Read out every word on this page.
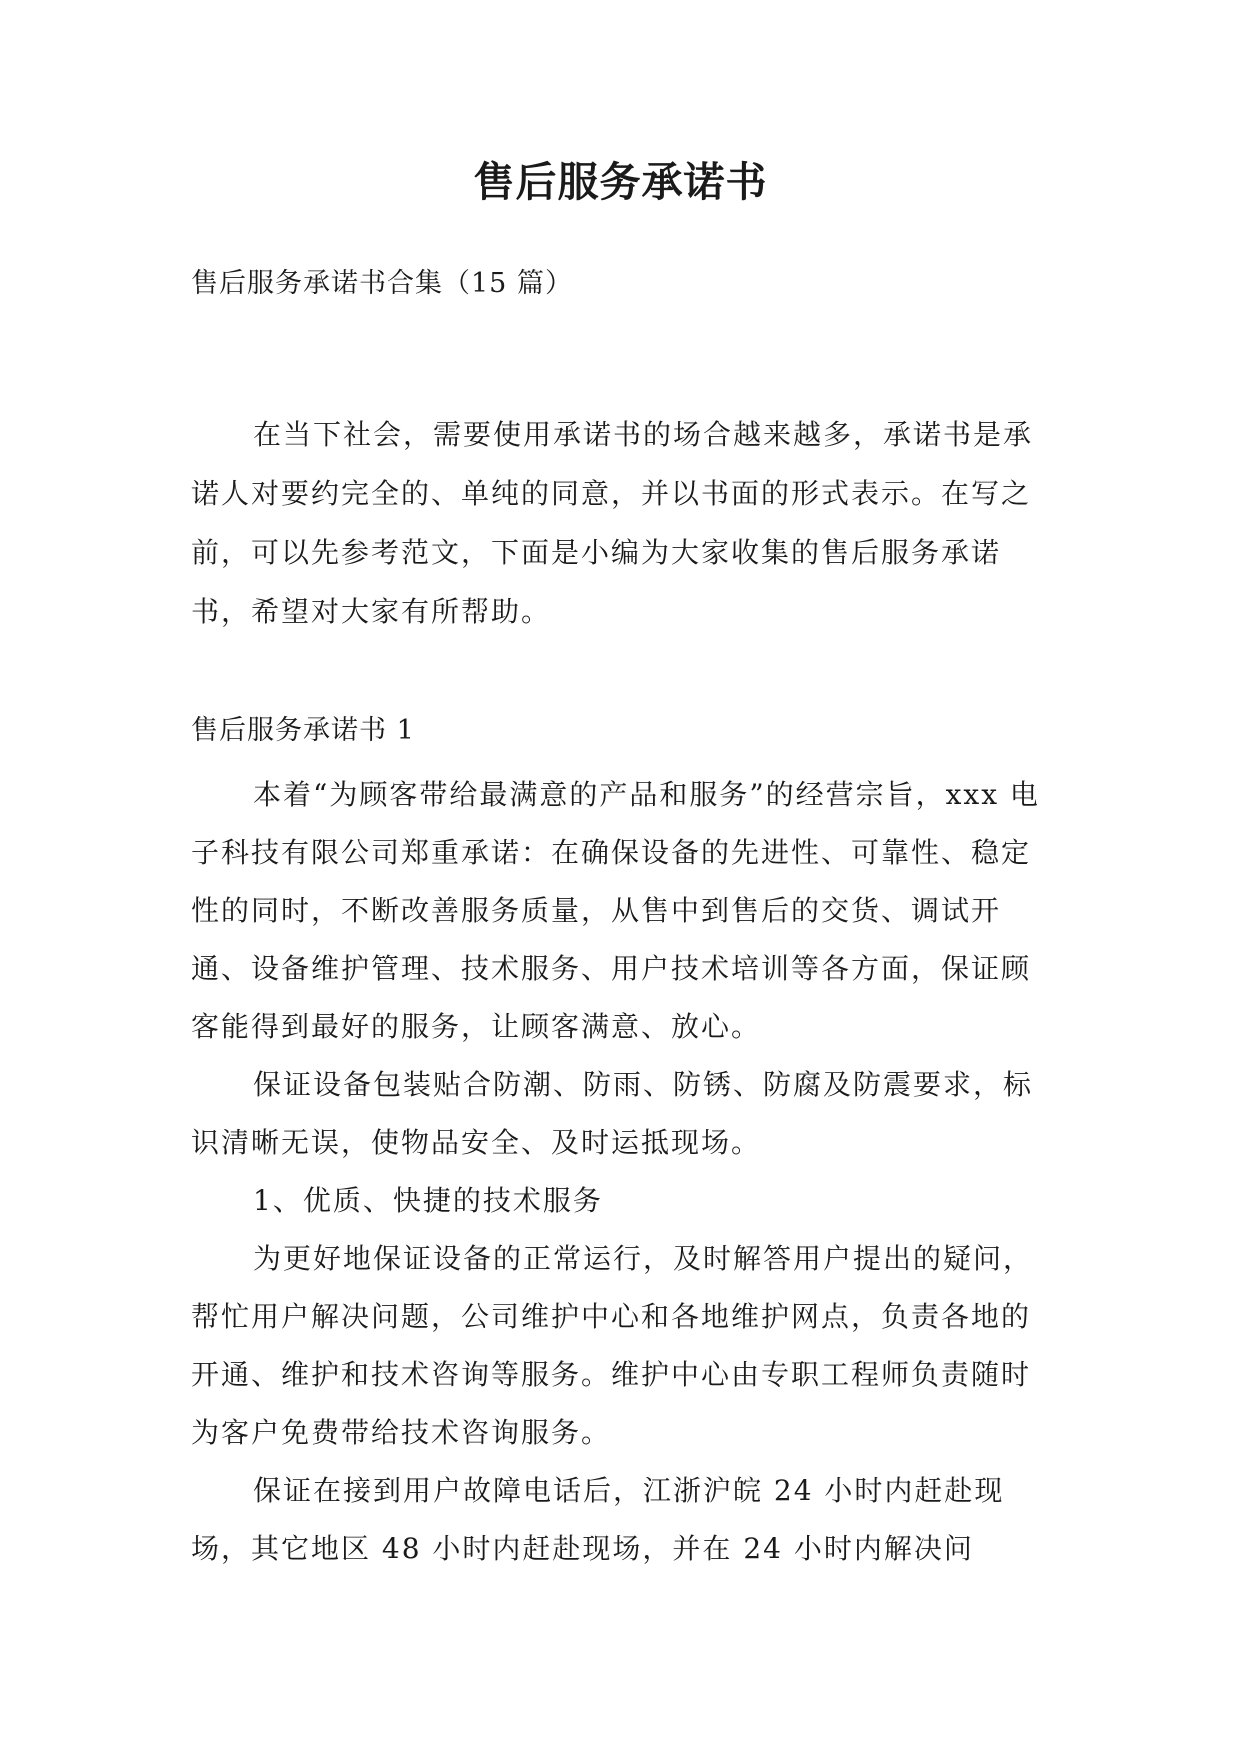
售后服务承诺书
售后服务承诺书合集（15 篇）

在当下社会，需要使用承诺书的场合越来越多，承诺书是承诺人对要约完全的、单纯的同意，并以书面的形式表示。在写之前，可以先参考范文，下面是小编为大家收集的售后服务承诺书，希望对大家有所帮助。

售后服务承诺书 1

本着“为顾客带给最满意的产品和服务”的经营宗旨，xxx 电子科技有限公司郑重承诺：在确保设备的先进性、可靠性、稳定性的同时，不断改善服务质量，从售中到售后的交货、调试开通、设备维护管理、技术服务、用户技术培训等各方面，保证顾客能得到最好的服务，让顾客满意、放心。

保证设备包装贴合防潮、防雨、防锈、防腐及防震要求，标识清晰无误，使物品安全、及时运抵现场。

1、优质、快捷的技术服务

为更好地保证设备的正常运行，及时解答用户提出的疑问，帮忙用户解决问题，公司维护中心和各地维护网点，负责各地的开通、维护和技术咨询等服务。维护中心由专职工程师负责随时为客户免费带给技术咨询服务。

保证在接到用户故障电话后，江浙沪皖 24 小时内赶赴现场，其它地区 48 小时内赶赴现场，并在 24 小时内解决问
